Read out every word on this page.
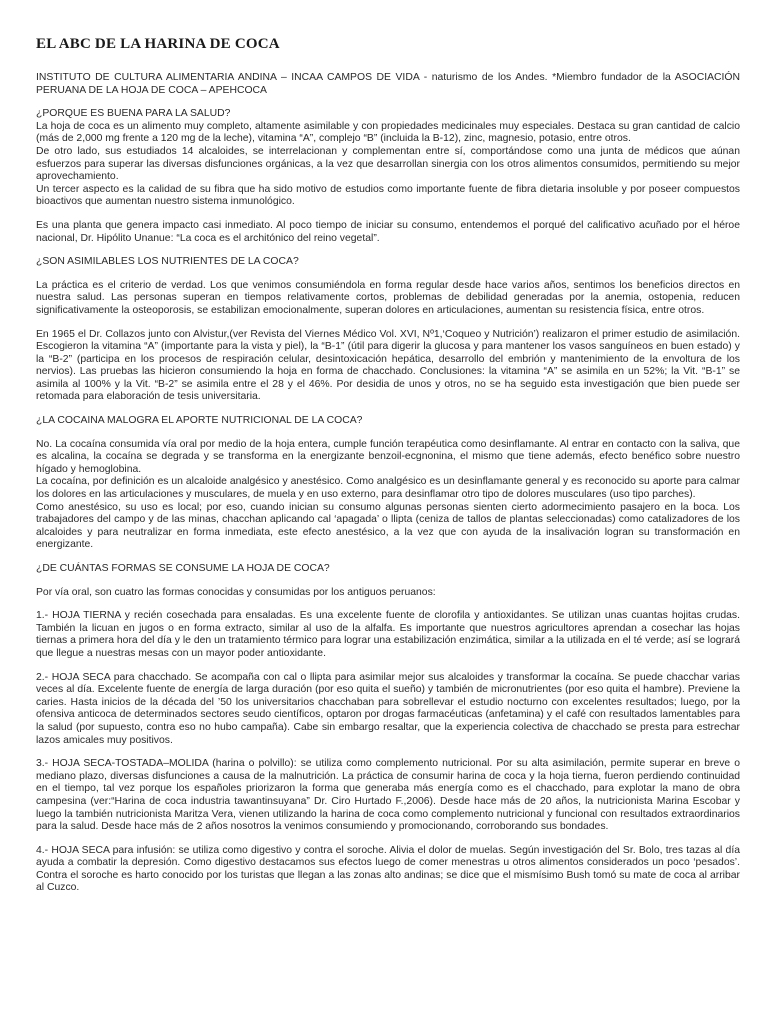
EL ABC DE LA HARINA DE COCA

INSTITUTO DE CULTURA ALIMENTARIA ANDINA – INCAA CAMPOS DE VIDA - naturismo de los Andes. *Miembro fundador de la ASOCIACIÓN PERUANA DE LA HOJA DE COCA – APEHCOCA

¿PORQUE ES BUENA PARA LA SALUD?

La hoja de coca es un alimento muy completo, altamente asimilable y con propiedades medicinales muy especiales. Destaca su gran cantidad de calcio (más de 2,000 mg frente a 120 mg de la leche), vitamina “A”, complejo “B” (incluida la B-12), zinc, magnesio, potasio, entre otros.

De otro lado, sus estudiados 14 alcaloides, se interrelacionan y complementan entre sí, comportándose como una junta de médicos que aúnan esfuerzos para superar las diversas disfunciones orgánicas, a la vez que desarrollan sinergia con los otros alimentos consumidos, permitiendo su mejor aprovechamiento.

Un tercer aspecto es la calidad de su fibra que ha sido motivo de estudios como importante fuente de fibra dietaria insoluble y por poseer compuestos bioactivos que aumentan nuestro sistema inmunológico.

Es una planta que genera impacto casi inmediato. Al poco tiempo de iniciar su consumo, entendemos el porqué del calificativo acuñado por el héroe nacional, Dr. Hipólito Unanue: “La coca es el architónico del reino vegetal”.

¿SON ASIMILABLES LOS NUTRIENTES DE LA COCA?

La práctica es el criterio de verdad. Los que venimos consumiéndola en forma regular desde hace varios años, sentimos los beneficios directos en nuestra salud. Las personas superan en tiempos relativamente cortos, problemas de debilidad generadas por la anemia, ostopenia, reducen significativamente la osteoporosis, se estabilizan emocionalmente, superan dolores en articulaciones, aumentan su resistencia física, entre otros.

En 1965 el Dr. Collazos junto con Alvistur,(ver Revista del Viernes Médico Vol. XVI, Nº1,‘Coqueo y Nutrición’) realizaron el primer estudio de asimilación. Escogieron la vitamina “A” (importante para la vista y piel), la “B-1” (útil para digerir la glucosa y para mantener los vasos sanguíneos en buen estado) y la “B-2” (participa en los procesos de respiración celular, desintoxicación hepática, desarrollo del embrión y mantenimiento de la envoltura de los nervios). Las pruebas las hicieron consumiendo la hoja en forma de chacchado. Conclusiones: la vitamina “A” se asimila en un 52%; la Vit. “B-1” se asimila al 100% y la Vit. “B-2” se asimila entre el 28 y el 46%. Por desidia de unos y otros, no se ha seguido esta investigación que bien puede ser retomada para elaboración de tesis universitaria.

¿LA COCAINA MALOGRA EL APORTE NUTRICIONAL DE LA COCA?

No. La cocaína consumida vía oral por medio de la hoja entera, cumple función terapéutica como desinflamante. Al entrar en contacto con la saliva, que es alcalina, la cocaína se degrada y se transforma en la energizante benzoil-ecgnonina, el mismo que tiene además, efecto benéfico sobre nuestro hígado y hemoglobina.

La cocaína, por definición es un alcaloide analgésico y anestésico. Como analgésico es un desinflamante general y es reconocido su aporte para calmar los dolores en las articulaciones y musculares, de muela y en uso externo, para desinflamar otro tipo de dolores musculares (uso tipo parches).

Como anestésico, su uso es local; por eso, cuando inician su consumo algunas personas sienten cierto adormecimiento pasajero en la boca. Los trabajadores del campo y de las minas, chacchan aplicando cal ‘apagada’ o llipta (ceniza de tallos de plantas seleccionadas) como catalizadores de los alcaloides y para neutralizar en forma inmediata, este efecto anestésico, a la vez que con ayuda de la insalivación logran su transformación en energizante.

¿DE CUÁNTAS FORMAS SE CONSUME LA HOJA DE COCA?

Por vía oral, son cuatro las formas conocidas y consumidas por los antiguos peruanos:

1.- HOJA TIERNA y recién cosechada para ensaladas. Es una excelente fuente de clorofila y antioxidantes. Se utilizan unas cuantas hojitas crudas. También la licuan en jugos o en forma extracto, similar al uso de la alfalfa. Es importante que nuestros agricultores aprendan a cosechar las hojas tiernas a primera hora del día y le den un tratamiento térmico para lograr una estabilización enzimática, similar a la utilizada en el té verde; así se logrará que llegue a nuestras mesas con un mayor poder antioxidante.

2.- HOJA SECA para chacchado. Se acompaña con cal o llipta para asimilar mejor sus alcaloides y transformar la cocaína. Se puede chacchar varias veces al día. Excelente fuente de energía de larga duración (por eso quita el sueño) y también de micronutrientes (por eso quita el hambre). Previene la caries. Hasta inicios de la década del ’50 los universitarios chacchaban para sobrellevar el estudio nocturno con excelentes resultados; luego, por la ofensiva anticoca de determinados sectores seudo científicos, optaron por drogas farmacéuticas (anfetamina) y el café con resultados lamentables para la salud (por supuesto, contra eso no hubo campaña). Cabe sin embargo resaltar, que la experiencia colectiva de chacchado se presta para estrechar lazos amicales muy positivos.

3.- HOJA SECA-TOSTADA–MOLIDA (harina o polvillo): se utiliza como complemento nutricional. Por su alta asimilación, permite superar en breve o mediano plazo, diversas disfunciones a causa de la malnutrición. La práctica de consumir harina de coca y la hoja tierna, fueron perdiendo continuidad en el tiempo, tal vez porque los españoles priorizaron la forma que generaba más energía como es el chacchado, para explotar la mano de obra campesina (ver:“Harina de coca industria tawantinsuyana” Dr. Ciro Hurtado F.,2006). Desde hace más de 20 años, la nutricionista Marina Escobar y luego la también nutricionista Maritza Vera, vienen utilizando la harina de coca como complemento nutricional y funcional con resultados extraordinarios para la salud. Desde hace más de 2 años nosotros la venimos consumiendo y promocionando, corroborando sus bondades.

4.- HOJA SECA para infusión: se utiliza como digestivo y contra el soroche. Alivia el dolor de muelas. Según investigación del Sr. Bolo, tres tazas al día ayuda a combatir la depresión. Como digestivo destacamos sus efectos luego de comer menestras u otros alimentos considerados un poco ‘pesados’. Contra el soroche es harto conocido por los turistas que llegan a las zonas alto andinas; se dice que el mismísimo Bush tomó su mate de coca al arribar al Cuzco.
